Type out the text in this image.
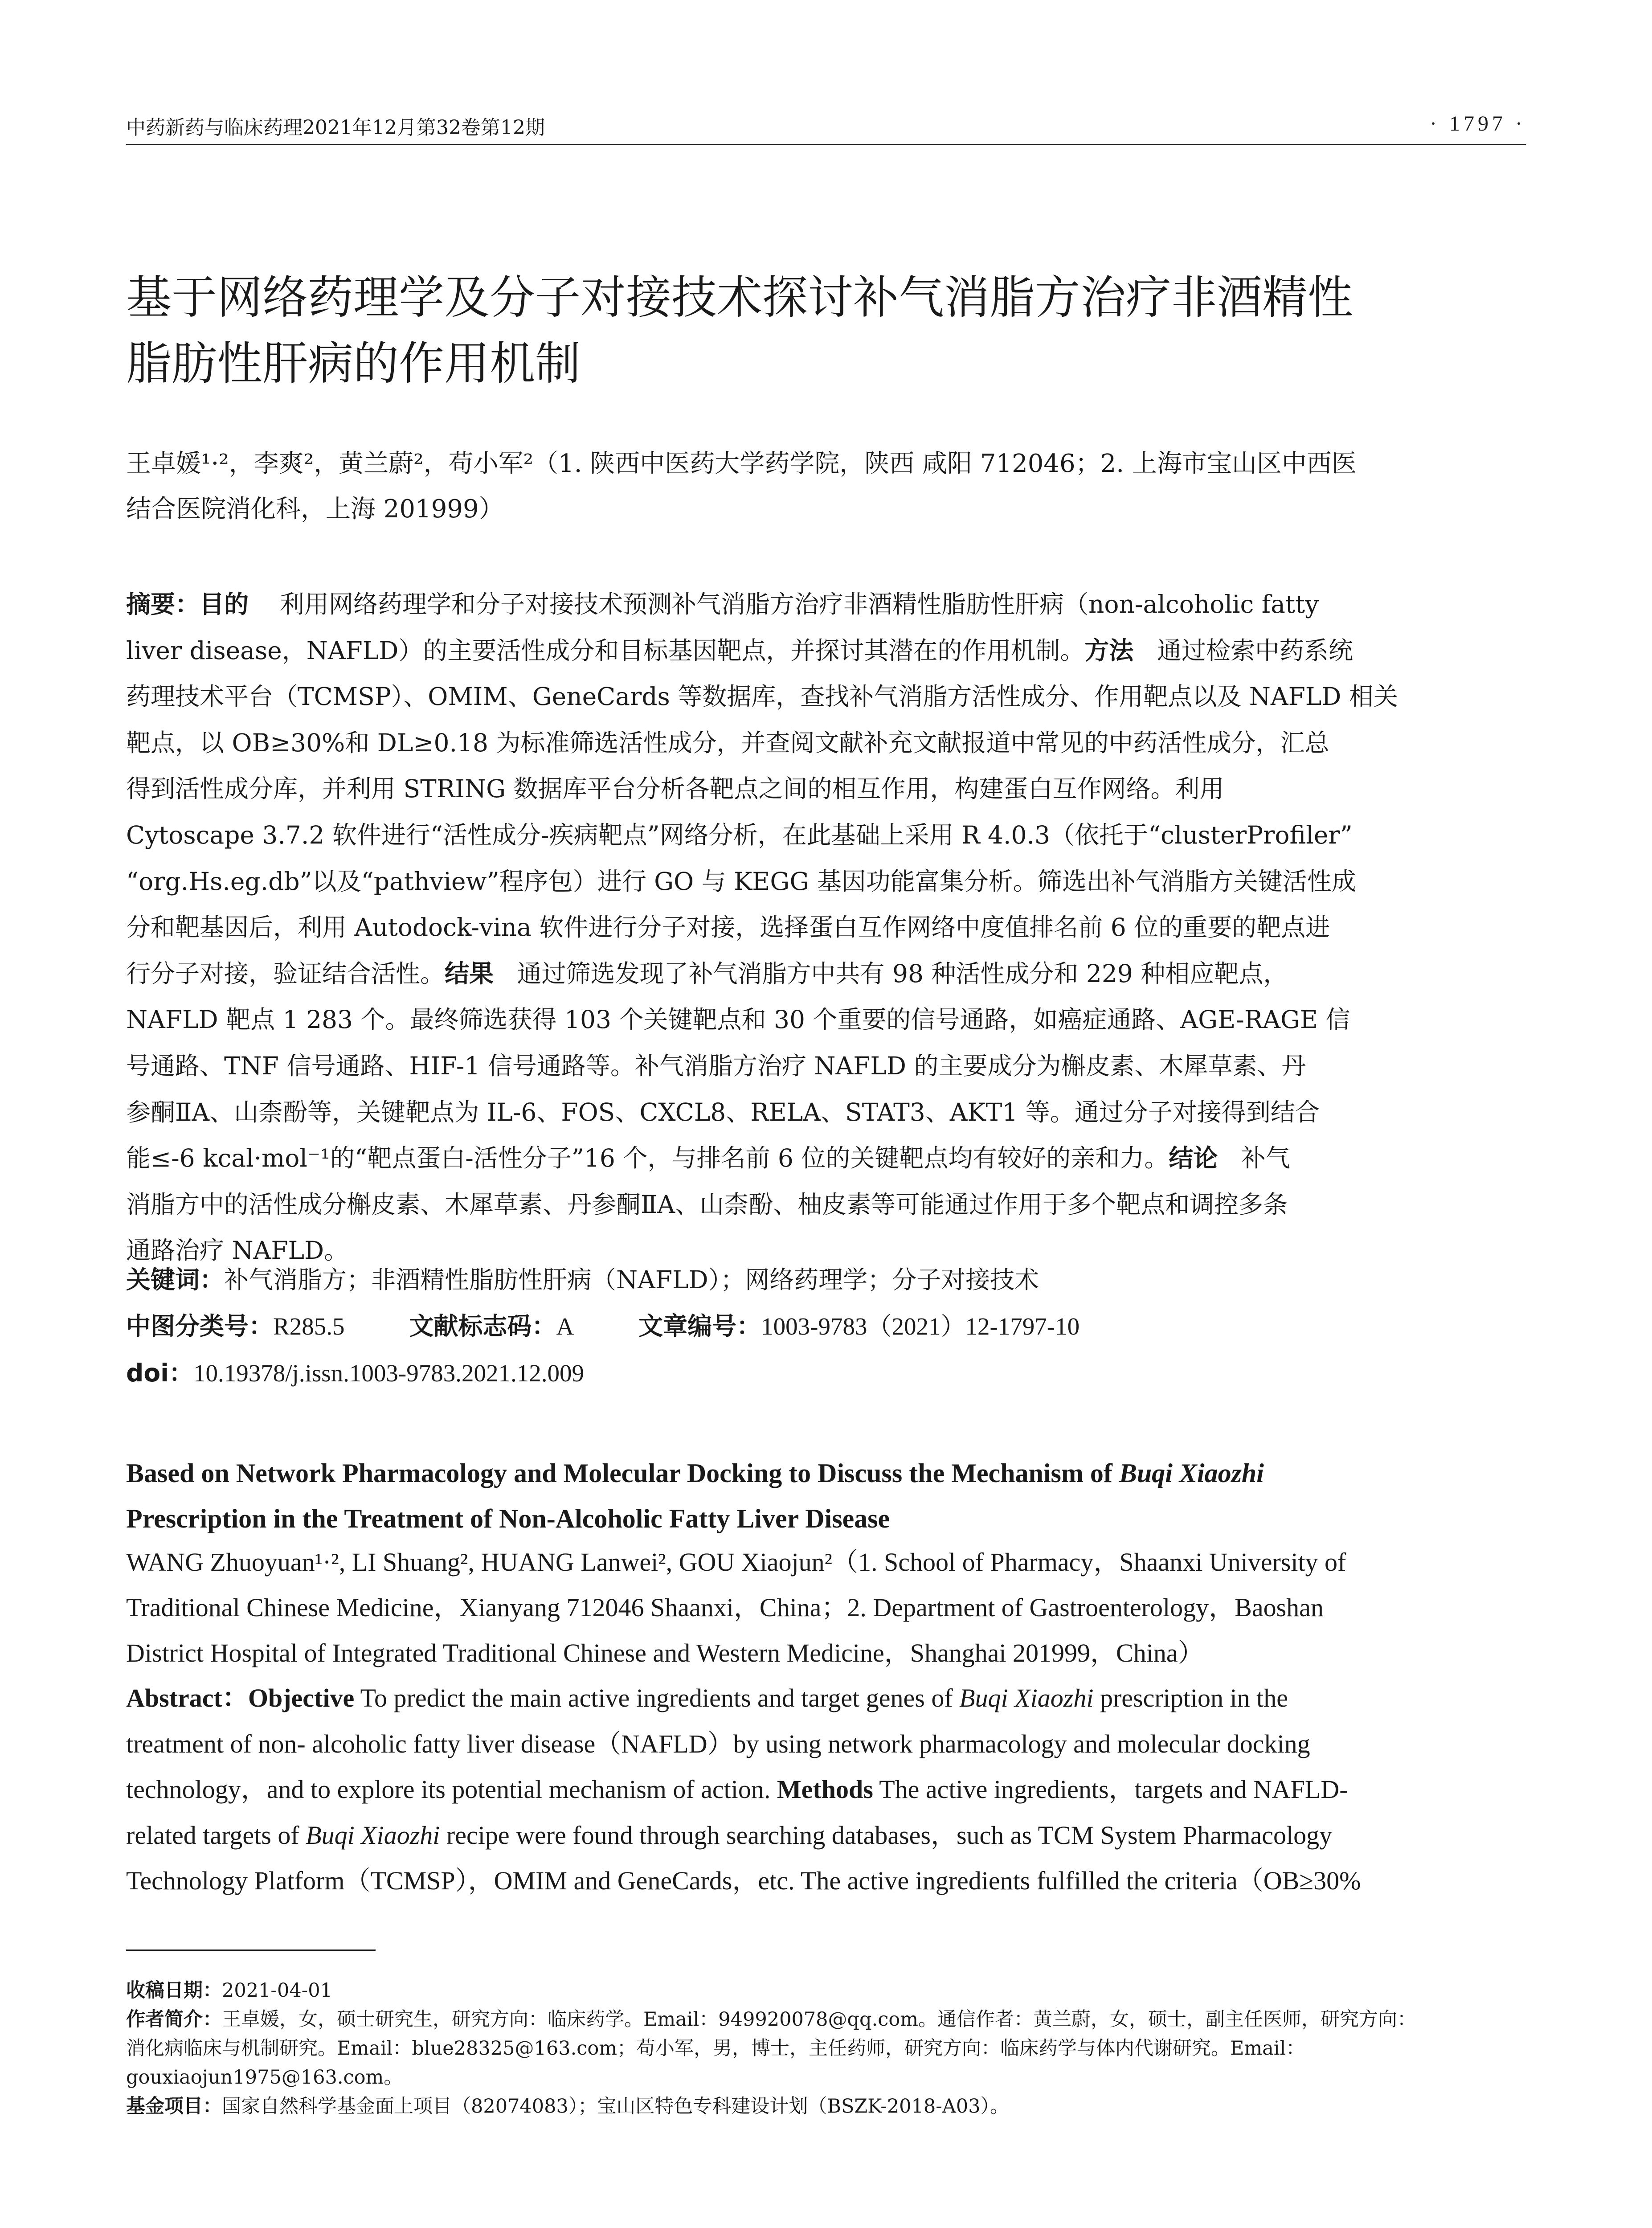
中药新药与临床药理2021年12月第32卷第12期	· 1797 ·
基于网络药理学及分子对接技术探讨补气消脂方治疗非酒精性
脂肪性肝病的作用机制
王卓媛¹·²，李爽²，黄兰蔚²，苟小军²（1. 陕西中医药大学药学院，陕西 咸阳 712046；2. 上海市宝山区中西医
结合医院消化科，上海 201999）
摘要：目的 利用网络药理学和分子对接技术预测补气消脂方治疗非酒精性脂肪性肝病（non-alcoholic fatty
liver disease，NAFLD）的主要活性成分和目标基因靶点，并探讨其潜在的作用机制。方法 通过检索中药系统
药理技术平台（TCMSP）、OMIM、GeneCards 等数据库，查找补气消脂方活性成分、作用靶点以及 NAFLD 相关
靶点，以 OB≥30%和 DL≥0.18 为标准筛选活性成分，并查阅文献补充文献报道中常见的中药活性成分，汇总
得到活性成分库，并利用 STRING 数据库平台分析各靶点之间的相互作用，构建蛋白互作网络。利用
Cytoscape 3.7.2 软件进行“活性成分-疾病靶点”网络分析，在此基础上采用 R 4.0.3（依托于“clusterProfiler”
“org.Hs.eg.db”以及“pathview”程序包）进行 GO 与 KEGG 基因功能富集分析。筛选出补气消脂方关键活性成
分和靶基因后，利用 Autodock-vina 软件进行分子对接，选择蛋白互作网络中度值排名前 6 位的重要的靶点进
行分子对接，验证结合活性。结果 通过筛选发现了补气消脂方中共有 98 种活性成分和 229 种相应靶点，
NAFLD 靶点 1 283 个。最终筛选获得 103 个关键靶点和 30 个重要的信号通路，如癌症通路、AGE-RAGE 信
号通路、TNF 信号通路、HIF-1 信号通路等。补气消脂方治疗 NAFLD 的主要成分为槲皮素、木犀草素、丹
参酮ⅡA、山柰酚等，关键靶点为 IL-6、FOS、CXCL8、RELA、STAT3、AKT1 等。通过分子对接得到结合
能≤-6 kcal·mol⁻¹的“靶点蛋白-活性分子”16 个，与排名前 6 位的关键靶点均有较好的亲和力。结论 补气
消脂方中的活性成分槲皮素、木犀草素、丹参酮ⅡA、山柰酚、柚皮素等可能通过作用于多个靶点和调控多条
通路治疗 NAFLD。
关键词：补气消脂方；非酒精性脂肪性肝病（NAFLD）；网络药理学；分子对接技术
中图分类号：R285.5	文献标志码：A	文章编号：1003-9783（2021）12-1797-10
doi：10.19378/j.issn.1003-9783.2021.12.009
Based on Network Pharmacology and Molecular Docking to Discuss the Mechanism of Buqi Xiaozhi
Prescription in the Treatment of Non-Alcoholic Fatty Liver Disease
WANG Zhuoyuan¹·², LI Shuang², HUANG Lanwei², GOU Xiaojun²（1. School of Pharmacy，Shaanxi University of
Traditional Chinese Medicine，Xianyang 712046 Shaanxi，China；2. Department of Gastroenterology，Baoshan
District Hospital of Integrated Traditional Chinese and Western Medicine，Shanghai 201999，China）
Abstract：Objective To predict the main active ingredients and target genes of Buqi Xiaozhi prescription in the
treatment of non- alcoholic fatty liver disease（NAFLD）by using network pharmacology and molecular docking
technology，and to explore its potential mechanism of action. Methods The active ingredients，targets and NAFLD-
related targets of Buqi Xiaozhi recipe were found through searching databases，such as TCM System Pharmacology
Technology Platform（TCMSP），OMIM and GeneCards，etc. The active ingredients fulfilled the criteria（OB≥30%
收稿日期：2021-04-01
作者简介：王卓媛，女，硕士研究生，研究方向：临床药学。Email：949920078@qq.com。通信作者：黄兰蔚，女，硕士，副主任医师，研究方向：
消化病临床与机制研究。Email：blue28325@163.com；苟小军，男，博士，主任药师，研究方向：临床药学与体内代谢研究。Email：
gouxiaojun1975@163.com。
基金项目：国家自然科学基金面上项目（82074083）；宝山区特色专科建设计划（BSZK-2018-A03）。
